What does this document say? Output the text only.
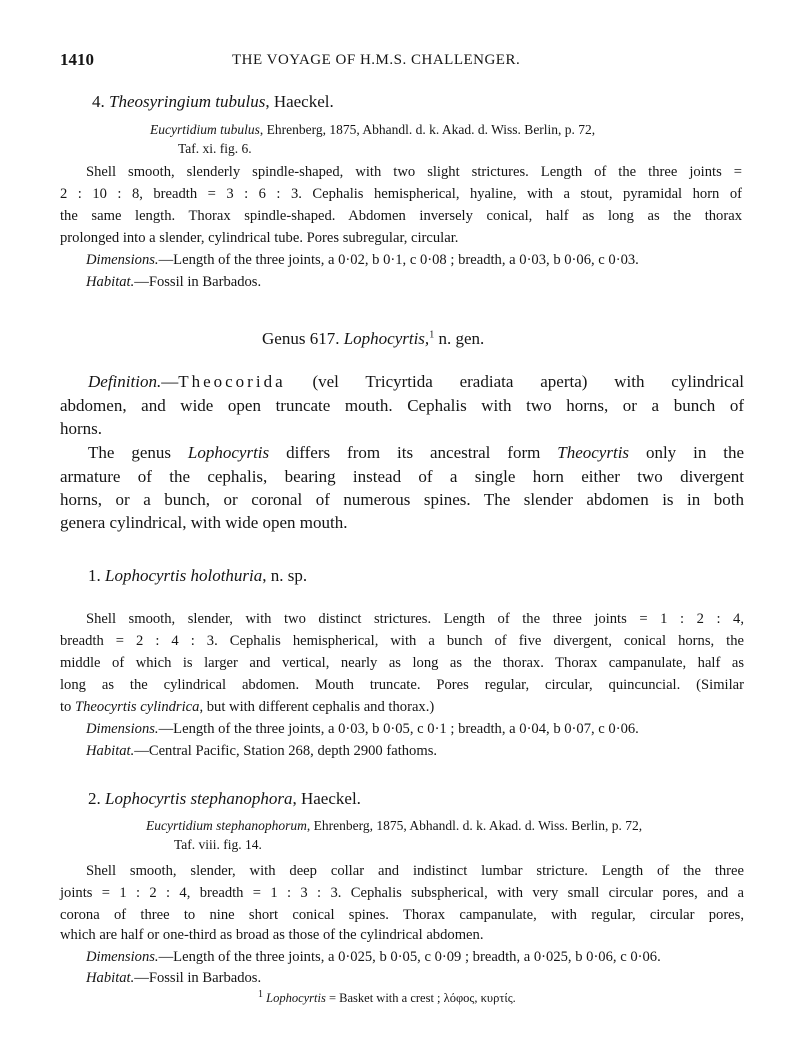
1410	THE VOYAGE OF H.M.S. CHALLENGER.
4. Theosyringium tubulus, Haeckel.
Eucyrtidium tubulus, Ehrenberg, 1875, Abhandl. d. k. Akad. d. Wiss. Berlin, p. 72,
Taf. xi. fig. 6.
Shell smooth, slenderly spindle-shaped, with two slight strictures. Length of the three joints =
2 : 10 : 8, breadth = 3 : 6 : 3. Cephalis hemispherical, hyaline, with a stout, pyramidal horn of
the same length. Thorax spindle-shaped. Abdomen inversely conical, half as long as the thorax
prolonged into a slender, cylindrical tube. Pores subregular, circular.
Dimensions.—Length of the three joints, a 0·02, b 0·1, c 0·08 ; breadth, a 0·03, b 0·06, c 0·03.
Habitat.—Fossil in Barbados.
Genus 617. Lophocyrtis,$^1$ n. gen.
Definition.—Theocorida (vel Tricyrtida eradiata aperta) with cylindrical
abdomen, and wide open truncate mouth. Cephalis with two horns, or a bunch of
horns.
The genus Lophocyrtis differs from its ancestral form Theocyrtis only in the
armature of the cephalis, bearing instead of a single horn either two divergent
horns, or a bunch, or coronal of numerous spines. The slender abdomen is in both
genera cylindrical, with wide open mouth.
1. Lophocyrtis holothuria, n. sp.
Shell smooth, slender, with two distinct strictures. Length of the three joints = 1 : 2 : 4,
breadth = 2 : 4 : 3. Cephalis hemispherical, with a bunch of five divergent, conical horns, the
middle of which is larger and vertical, nearly as long as the thorax. Thorax campanulate, half as
long as the cylindrical abdomen. Mouth truncate. Pores regular, circular, quincuncial. (Similar
to Theocyrtis cylindrica, but with different cephalis and thorax.)
Dimensions.—Length of the three joints, a 0·03, b 0·05, c 0·1 ; breadth, a 0·04, b 0·07, c 0·06.
Habitat.—Central Pacific, Station 268, depth 2900 fathoms.
2. Lophocyrtis stephanophora, Haeckel.
Eucyrtidium stephanophorum, Ehrenberg, 1875, Abhandl. d. k. Akad. d. Wiss. Berlin, p. 72,
Taf. viii. fig. 14.
Shell smooth, slender, with deep collar and indistinct lumbar stricture. Length of the three
joints = 1 : 2 : 4, breadth = 1 : 3 : 3. Cephalis subspherical, with very small circular pores, and a
corona of three to nine short conical spines. Thorax campanulate, with regular, circular pores,
which are half or one-third as broad as those of the cylindrical abdomen.
Dimensions.—Length of the three joints, a 0·025, b 0·05, c 0·09 ; breadth, a 0·025, b 0·06, c 0·06.
Habitat.—Fossil in Barbados.
$^1$ Lophocyrtis = Basket with a crest ; λόφος, κυρτίς.
